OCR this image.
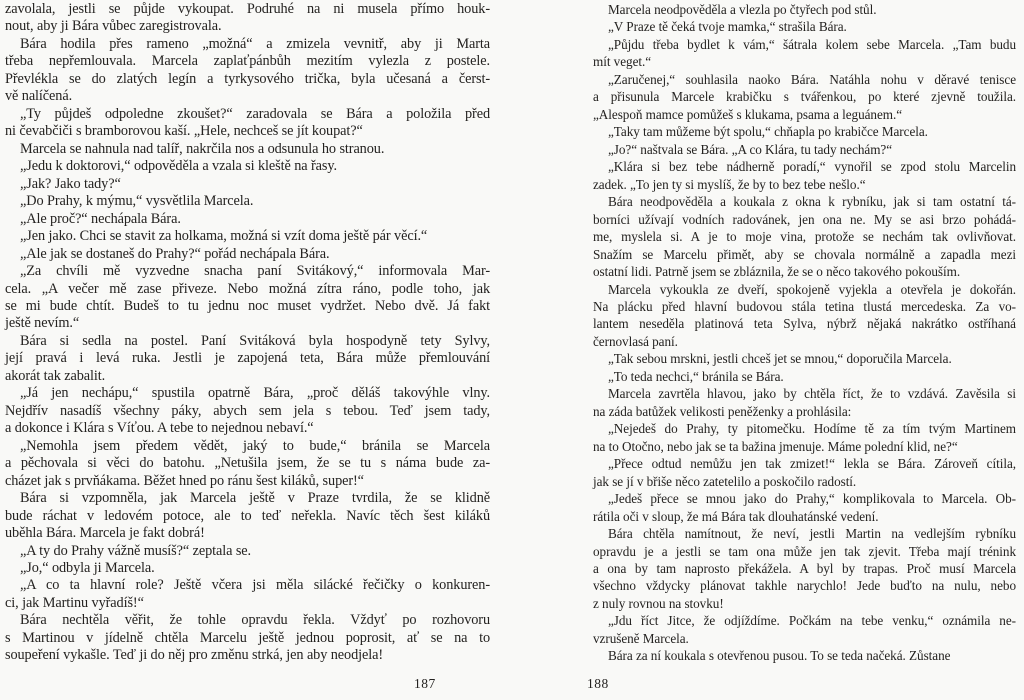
zavolala, jestli se půjde vykoupat. Podruhé na ni musela přímo houk-
nout, aby ji Bára vůbec zaregistrovala.
Bára hodila přes rameno „možná“ a zmizela vevnitř, aby ji Marta
třeba nepřemlouvala. Marcela zaplaťpánbůh mezitím vylezla z postele.
Převlékla se do zlatých legín a tyrkysového trička, byla učesaná a čerst-
vě nalíčená.
„Ty půjdeš odpoledne zkoušet?“ zaradovala se Bára a položila před
ni čevabčiči s bramborovou kaší. „Hele, nechceš se jít koupat?“
Marcela se nahnula nad talíř, nakrčila nos a odsunula ho stranou.
„Jedu k doktorovi,“ odpověděla a vzala si kleště na řasy.
„Jak? Jako tady?“
„Do Prahy, k mýmu,“ vysvětlila Marcela.
„Ale proč?“ nechápala Bára.
„Jen jako. Chci se stavit za holkama, možná si vzít doma ještě pár věcí.“
„Ale jak se dostaneš do Prahy?“ pořád nechápala Bára.
„Za chvíli mě vyzvedne snacha paní Svitákový,“ informovala Mar-
cela. „A večer mě zase přiveze. Nebo možná zítra ráno, podle toho, jak
se mi bude chtít. Budeš to tu jednu noc muset vydržet. Nebo dvě. Já fakt
ještě nevím.“
Bára si sedla na postel. Paní Svitáková byla hospodyně tety Sylvy,
její pravá i levá ruka. Jestli je zapojená teta, Bára může přemlouvání
akorát tak zabalit.
„Já jen nechápu,“ spustila opatrně Bára, „proč děláš takovýhle vlny.
Nejdřív nasadíš všechny páky, abych sem jela s tebou. Teď jsem tady,
a dokonce i Klára s Víťou. A tebe to nejednou nebaví.“
„Nemohla jsem předem vědět, jaký to bude,“ bránila se Marcela
a pěchovala si věci do batohu. „Netušila jsem, že se tu s náma bude za-
cházet jak s prvňákama. Běžet hned po ránu šest kiláků, super!“
Bára si vzpomněla, jak Marcela ještě v Praze tvrdila, že se klidně
bude ráchat v ledovém potoce, ale to teď neřekla. Navíc těch šest kiláků
uběhla Bára. Marcela je fakt dobrá!
„A ty do Prahy vážně musíš?“ zeptala se.
„Jo,“ odbyla ji Marcela.
„A co ta hlavní role? Ještě včera jsi měla silácké řečičky o konkuren-
ci, jak Martinu vyřadíš!“
Bára nechtěla věřit, že tohle opravdu řekla. Vždyť po rozhovoru
s Martinou v jídelně chtěla Marcelu ještě jednou poprosit, ať se na to
soupeření vykašle. Teď ji do něj pro změnu strká, jen aby neodjela!
Marcela neodpověděla a vlezla po čtyřech pod stůl.
„V Praze tě čeká tvoje mamka,“ strašila Bára.
„Půjdu třeba bydlet k vám,“ šátrala kolem sebe Marcela. „Tam budu
mít veget.“
„Zaručenej,“ souhlasila naoko Bára. Natáhla nohu v děravé tenisce
a přisunula Marcele krabičku s tvářenkou, po které zjevně toužila.
„Alespoň mamce pomůžeš s klukama, psama a leguánem.“
„Taky tam můžeme být spolu,“ chňapla po krabičce Marcela.
„Jo?“ naštvala se Bára. „A co Klára, tu tady nechám?“
„Klára si bez tebe nádherně poradí,“ vynořil se zpod stolu Marcelin
zadek. „To jen ty si myslíš, že by to bez tebe nešlo.“
Bára neodpověděla a koukala z okna k rybníku, jak si tam ostatní tá-
borníci užívají vodních radovánek, jen ona ne. My se asi brzo pohádá-
me, myslela si. A je to moje vina, protože se nechám tak ovlivňovat.
Snažím se Marcelu přimět, aby se chovala normálně a zapadla mezi
ostatní lidi. Patrně jsem se zbláznila, že se o něco takového pokouším.
Marcela vykoukla ze dveří, spokojeně vyjekla a otevřela je dokořán.
Na plácku před hlavní budovou stála tetina tlustá mercedeska. Za vo-
lantem neseděla platinová teta Sylva, nýbrž nějaká nakrátko ostříhaná
černovlasá paní.
„Tak sebou mrskni, jestli chceš jet se mnou,“ doporučila Marcela.
„To teda nechci,“ bránila se Bára.
Marcela zavrtěla hlavou, jako by chtěla říct, že to vzdává. Zavěsila si
na záda batůžek velikosti peněženky a prohlásila:
„Nejedeš do Prahy, ty pitomečku. Hodíme tě za tím tvým Martinem
na to Otočno, nebo jak se ta bažina jmenuje. Máme polední klid, ne?“
„Přece odtud nemůžu jen tak zmizet!“ lekla se Bára. Zároveň cítila,
jak se jí v břiše něco zatetelilo a poskočilo radostí.
„Jedeš přece se mnou jako do Prahy,“ komplikovala to Marcela. Ob-
rátila oči v sloup, že má Bára tak dlouhatánské vedení.
Bára chtěla namítnout, že neví, jestli Martin na vedlejším rybníku
opravdu je a jestli se tam ona může jen tak zjevit. Třeba mají trénink
a ona by tam naprosto překážela. A byl by trapas. Proč musí Marcela
všechno vždycky plánovat takhle narychlo! Jede buďto na nulu, nebo
z nuly rovnou na stovku!
„Jdu říct Jitce, že odjíždíme. Počkám na tebe venku,“ oznámila ne-
vzrušeně Marcela.
Bára za ní koukala s otevřenou pusou. To se teda načeká. Zůstane
187	188
